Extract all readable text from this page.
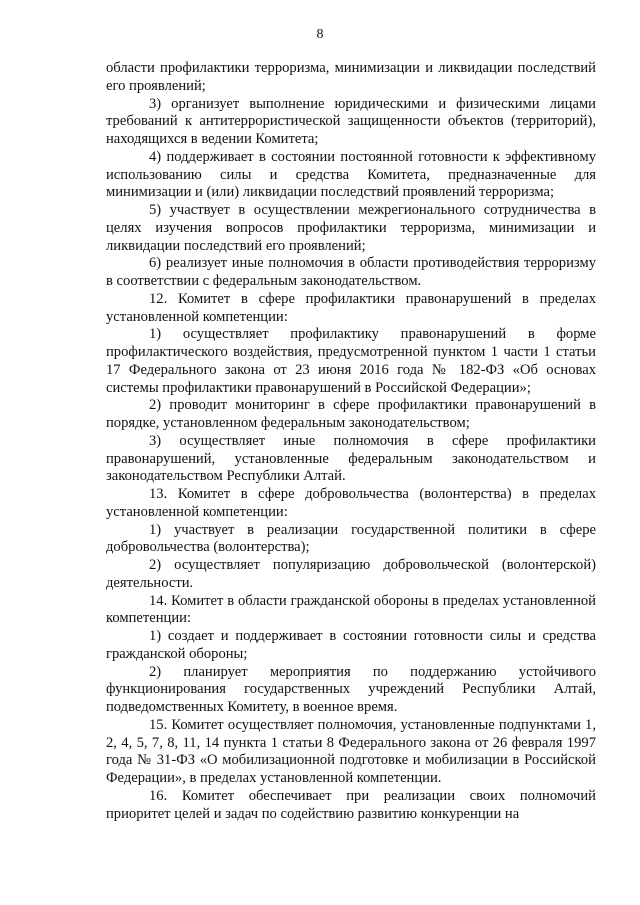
8

области профилактики терроризма, минимизации и ликвидации последствий его проявлений;

3) организует выполнение юридическими и физическими лицами требований к антитеррористической защищенности объектов (территорий), находящихся в ведении Комитета;

4) поддерживает в состоянии постоянной готовности к эффективному использованию силы и средства Комитета, предназначенные для минимизации и (или) ликвидации последствий проявлений терроризма;

5) участвует в осуществлении межрегионального сотрудничества в целях изучения вопросов профилактики терроризма, минимизации и ликвидации последствий его проявлений;

6) реализует иные полномочия в области противодействия терроризму в соответствии с федеральным законодательством.

12. Комитет в сфере профилактики правонарушений в пределах установленной компетенции:

1) осуществляет профилактику правонарушений в форме профилактического воздействия, предусмотренной пунктом 1 части 1 статьи 17 Федерального закона от 23 июня 2016 года № 182-ФЗ «Об основах системы профилактики правонарушений в Российской Федерации»;

2) проводит мониторинг в сфере профилактики правонарушений в порядке, установленном федеральным законодательством;

3) осуществляет иные полномочия в сфере профилактики правонарушений, установленные федеральным законодательством и законодательством Республики Алтай.

13. Комитет в сфере добровольчества (волонтерства) в пределах установленной компетенции:

1) участвует в реализации государственной политики в сфере добровольчества (волонтерства);

2) осуществляет популяризацию добровольческой (волонтерской) деятельности.

14. Комитет в области гражданской обороны в пределах установленной компетенции:

1) создает и поддерживает в состоянии готовности силы и средства гражданской обороны;

2) планирует мероприятия по поддержанию устойчивого функционирования государственных учреждений Республики Алтай, подведомственных Комитету, в военное время.

15. Комитет осуществляет полномочия, установленные подпунктами 1, 2, 4, 5, 7, 8, 11, 14 пункта 1 статьи 8 Федерального закона от 26 февраля 1997 года № 31-ФЗ «О мобилизационной подготовке и мобилизации в Российской Федерации», в пределах установленной компетенции.

16. Комитет обеспечивает при реализации своих полномочий приоритет целей и задач по содействию развитию конкуренции на
